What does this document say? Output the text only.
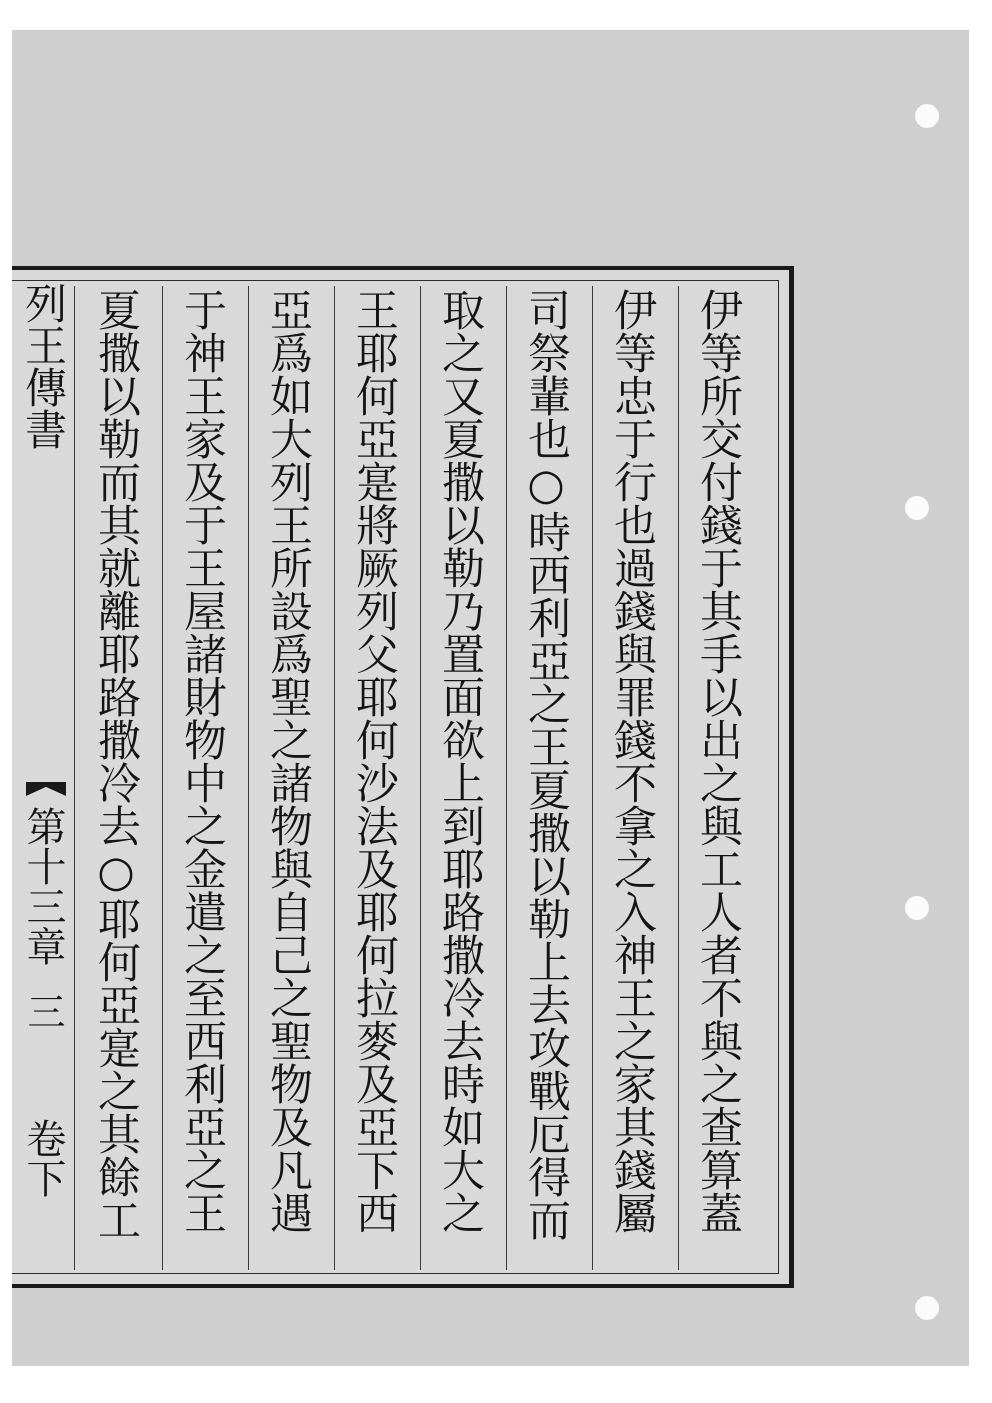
列王傳書
第十三章
三
卷下	伊等所交付錢于其手以出之與工人者不與之查算蓋
伊等忠于行也過錢與罪錢不拿之入神王之家其錢屬
司祭輩也○時西利亞之王夏撒以勒上去攻戰厄得而
取之又夏撒以勒乃置面欲上到耶路撒冷去時如大之
王耶何亞寔將厥列父耶何沙法及耶何拉麥及亞下西
亞爲如大列王所設爲聖之諸物與自己之聖物及凡遇
于神王家及于王屋諸財物中之金遣之至西利亞之王
夏撒以勒而其就離耶路撒冷去○耶何亞寔之其餘工
